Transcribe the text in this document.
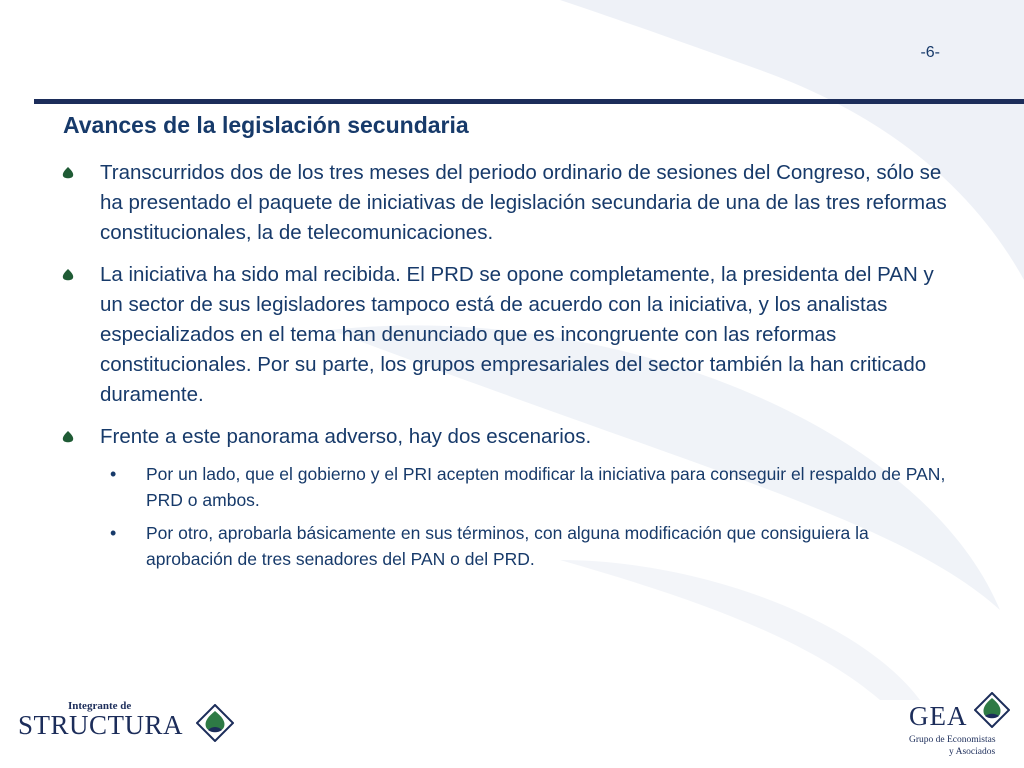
-6-
Avances de la legislación secundaria
Transcurridos dos de los tres meses del periodo ordinario de sesiones del Congreso, sólo se ha presentado el paquete de iniciativas de legislación secundaria de una de las tres reformas constitucionales, la de telecomunicaciones.
La iniciativa ha sido mal recibida. El PRD se opone completamente, la presidenta del PAN y un sector de sus legisladores tampoco está de acuerdo con la iniciativa, y los analistas especializados en el tema han denunciado que es incongruente con las reformas constitucionales. Por su parte, los grupos empresariales del sector también la han criticado duramente.
Frente a este panorama adverso, hay dos escenarios.
•	Por un lado, que el gobierno y el PRI acepten modificar la iniciativa para conseguir el respaldo de PAN, PRD o ambos.
•	Por otro, aprobarla básicamente en sus términos, con alguna modificación que consiguiera la aprobación de tres senadores del PAN o del PRD.
Integrante de
STRUCTURA	GEA
Grupo de Economistas
y Asociados
